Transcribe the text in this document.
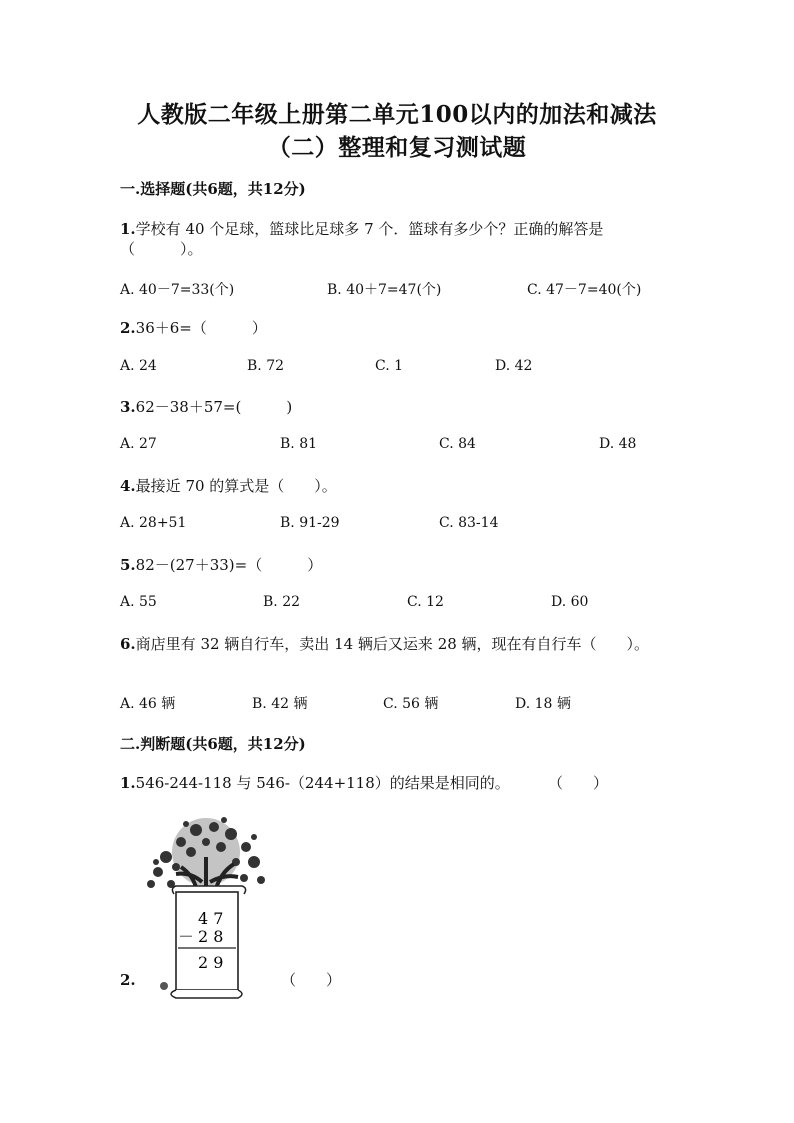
人教版二年级上册第二单元100以内的加法和减法
（二）整理和复习测试题
一.选择题(共6题，共12分)
1.学校有 40 个足球，篮球比足球多 7 个．篮球有多少个？正确的解答是
（　　　）。
A. 40－7=33(个)	B. 40＋7=47(个)	C. 47－7=40(个)
2.36＋6=（　　　）
A. 24	B. 72	C. 1	D. 42
3.62－38＋57=(　　　)
A. 27	B. 81	C. 84	D. 48
4.最接近 70 的算式是（　　）。
A. 28+51	B. 91-29	C. 83-14
5.82－(27＋33)=（　　　）
A. 55	B. 22	C. 12	D. 60
6.商店里有 32 辆自行车，卖出 14 辆后又运来 28 辆，现在有自行车（　　）。
A. 46 辆	B. 42 辆	C. 56 辆	D. 18 辆
二.判断题(共6题，共12分)
1.546-244-118 与 546-（244+118）的结果是相同的。	（　　）
2.
4 7
－ 2 8
2 9
（　　）
